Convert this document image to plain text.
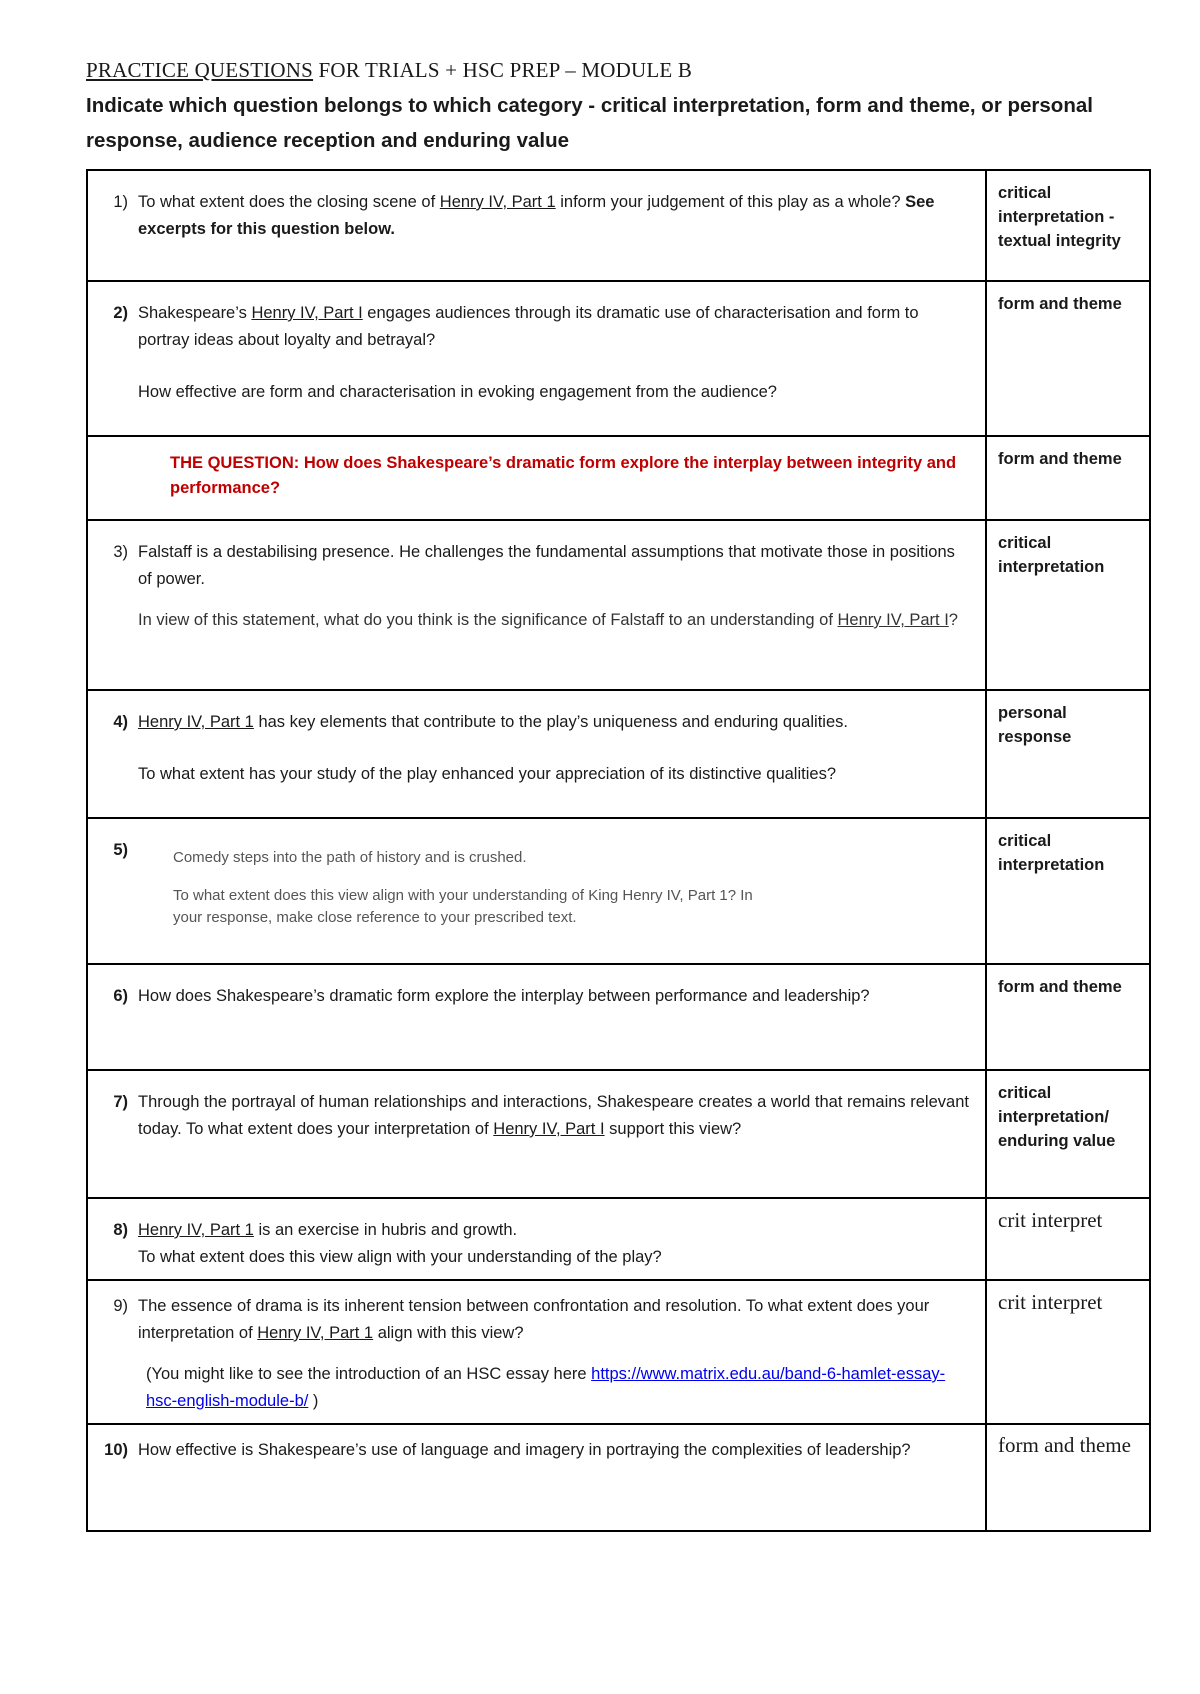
PRACTICE QUESTIONS FOR TRIALS + HSC PREP – MODULE B
Indicate which question belongs to which category - critical interpretation, form and theme, or personal response, audience reception and enduring value
1) To what extent does the closing scene of Henry IV, Part 1 inform your judgement of this play as a whole? See excerpts for this question below.	critical interpretation - textual integrity

2) Shakespeare’s Henry IV, Part I engages audiences through its dramatic use of characterisation and form to portray ideas about loyalty and betrayal?
How effective are form and characterisation in evoking engagement from the audience?	form and theme

THE QUESTION: How does Shakespeare’s dramatic form explore the interplay between integrity and performance?	form and theme

3) Falstaff is a destabilising presence. He challenges the fundamental assumptions that motivate those in positions of power.
In view of this statement, what do you think is the significance of Falstaff to an understanding of Henry IV, Part I?	critical interpretation

4) Henry IV, Part 1 has key elements that contribute to the play’s uniqueness and enduring qualities.
To what extent has your study of the play enhanced your appreciation of its distinctive qualities?	personal response

5) Comedy steps into the path of history and is crushed.
To what extent does this view align with your understanding of King Henry IV, Part 1? In your response, make close reference to your prescribed text.	critical interpretation

6) How does Shakespeare’s dramatic form explore the interplay between performance and leadership?	form and theme

7) Through the portrayal of human relationships and interactions, Shakespeare creates a world that remains relevant today. To what extent does your interpretation of Henry IV, Part I support this view?	critical interpretation/ enduring value

8) Henry IV, Part 1 is an exercise in hubris and growth.
To what extent does this view align with your understanding of the play?	crit interpret

9) The essence of drama is its inherent tension between confrontation and resolution. To what extent does your interpretation of Henry IV, Part 1 align with this view?
(You might like to see the introduction of an HSC essay here https://www.matrix.edu.au/band-6-hamlet-essay-hsc-english-module-b/ )	crit interpret

10) How effective is Shakespeare’s use of language and imagery in portraying the complexities of leadership?	form and theme
